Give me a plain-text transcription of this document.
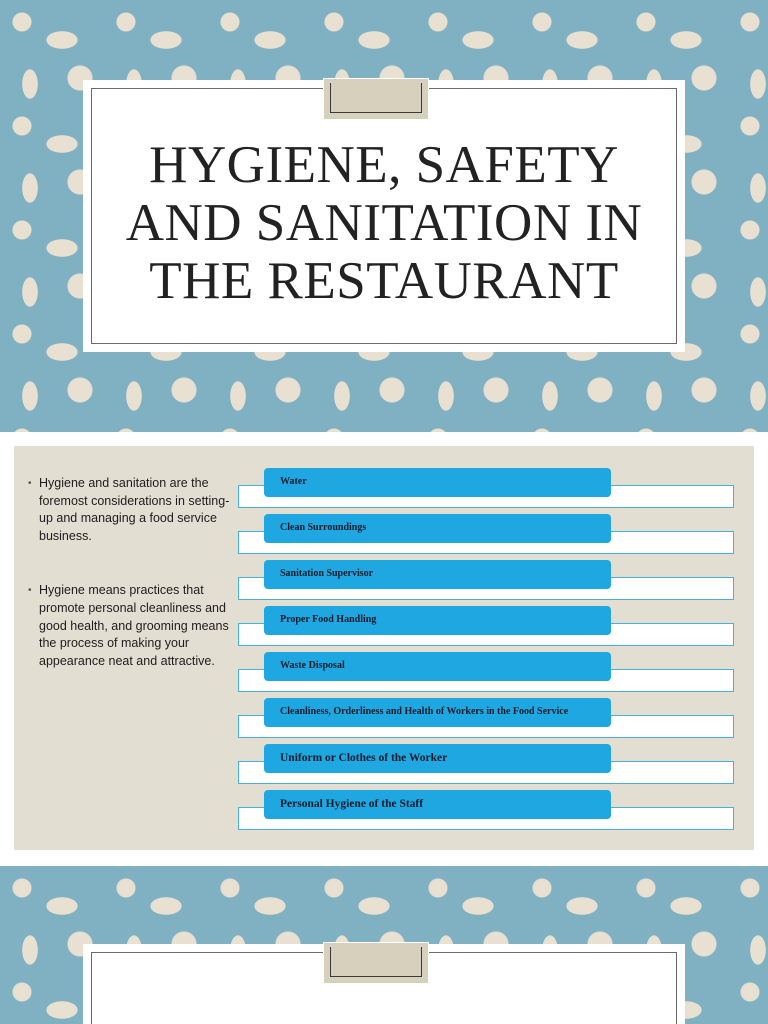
HYGIENE, SAFETY
AND SANITATION IN
THE RESTAURANT
• Hygiene and sanitation are the foremost considerations in setting-up and managing a food service business.
• Hygiene means practices that promote personal cleanliness and good health, and grooming means the process of making your appearance neat and attractive.
Water
Clean Surroundings
Sanitation Supervisor
Proper Food Handling
Waste Disposal
Cleanliness, Orderliness and Health of Workers in the Food Service
Uniform or Clothes of the Worker
Personal Hygiene of the Staff
